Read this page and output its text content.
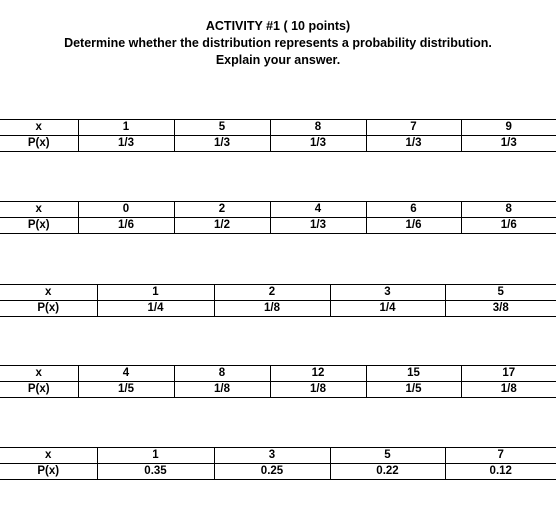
ACTIVITY #1 ( 10 points)
Determine whether the distribution represents a probability distribution.
Explain your answer.
x	1	5	8	7	9
P(x)	1/3	1/3	1/3	1/3	1/3
x	0	2	4	6	8
P(x)	1/6	1/2	1/3	1/6	1/6
x	1	2	3	5
P(x)	1/4	1/8	1/4	3/8
x	4	8	12	15	17
P(x)	1/5	1/8	1/8	1/5	1/8
x	1	3	5	7
P(x)	0.35	0.25	0.22	0.12
